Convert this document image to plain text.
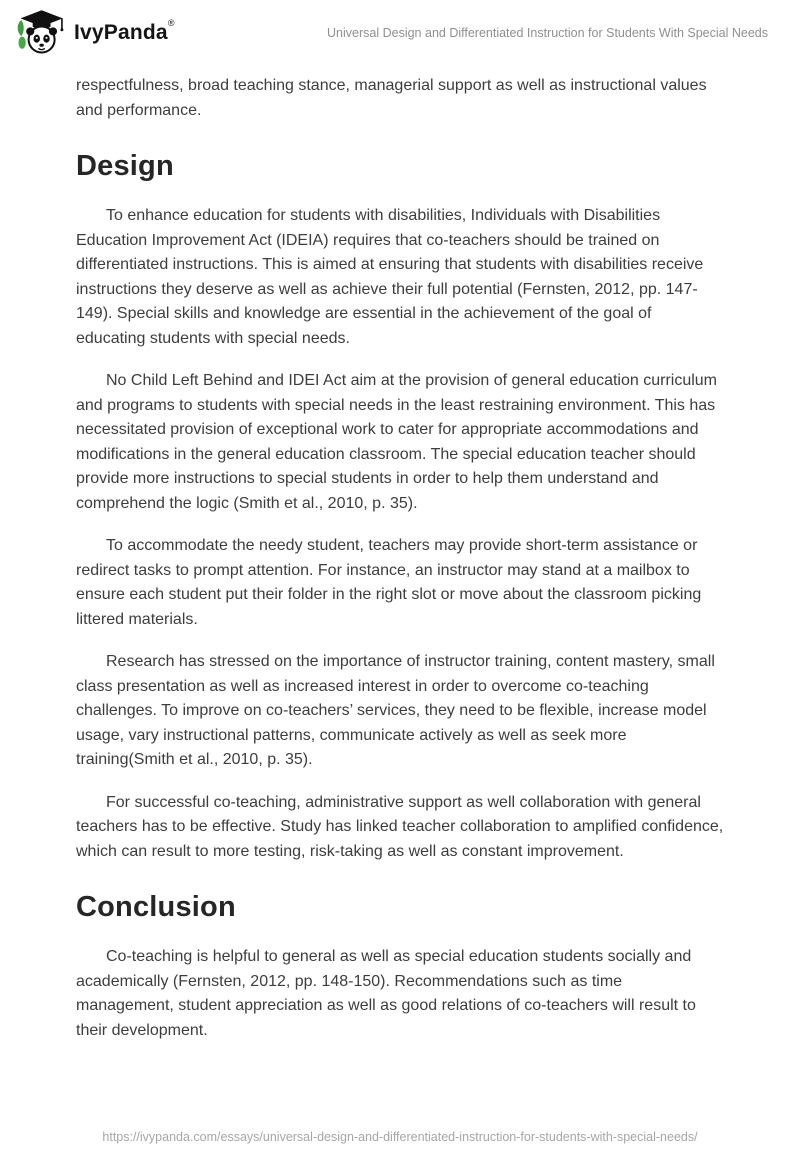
IvyPanda®
Universal Design and Differentiated Instruction for Students With Special Needs

respectfulness, broad teaching stance, managerial support as well as instructional values and performance.

Design

To enhance education for students with disabilities, Individuals with Disabilities Education Improvement Act (IDEIA) requires that co-teachers should be trained on differentiated instructions. This is aimed at ensuring that students with disabilities receive instructions they deserve as well as achieve their full potential (Fernsten, 2012, pp. 147-149). Special skills and knowledge are essential in the achievement of the goal of educating students with special needs.

No Child Left Behind and IDEI Act aim at the provision of general education curriculum and programs to students with special needs in the least restraining environment. This has necessitated provision of exceptional work to cater for appropriate accommodations and modifications in the general education classroom. The special education teacher should provide more instructions to special students in order to help them understand and comprehend the logic (Smith et al., 2010, p. 35).

To accommodate the needy student, teachers may provide short-term assistance or redirect tasks to prompt attention. For instance, an instructor may stand at a mailbox to ensure each student put their folder in the right slot or move about the classroom picking littered materials.

Research has stressed on the importance of instructor training, content mastery, small class presentation as well as increased interest in order to overcome co-teaching challenges. To improve on co-teachers’ services, they need to be flexible, increase model usage, vary instructional patterns, communicate actively as well as seek more training(Smith et al., 2010, p. 35).

For successful co-teaching, administrative support as well collaboration with general teachers has to be effective. Study has linked teacher collaboration to amplified confidence, which can result to more testing, risk-taking as well as constant improvement.

Conclusion

Co-teaching is helpful to general as well as special education students socially and academically (Fernsten, 2012, pp. 148-150). Recommendations such as time management, student appreciation as well as good relations of co-teachers will result to their development.

https://ivypanda.com/essays/universal-design-and-differentiated-instruction-for-students-with-special-needs/
